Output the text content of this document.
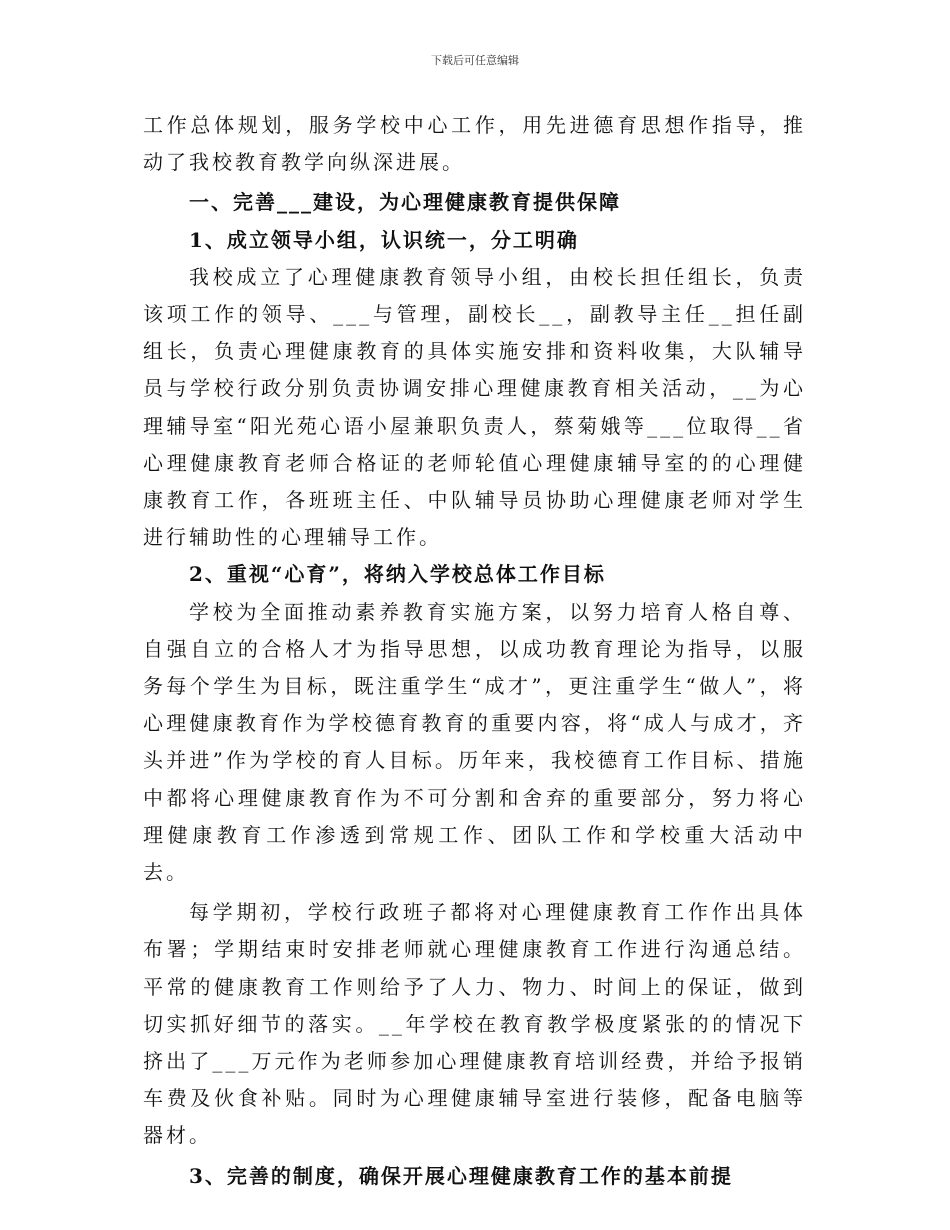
下载后可任意编辑

工作总体规划，服务学校中心工作，用先进德育思想作指导，推动了我校教育教学向纵深进展。

一、完善___建设，为心理健康教育提供保障

1、成立领导小组，认识统一，分工明确

我校成立了心理健康教育领导小组，由校长担任组长，负责该项工作的领导、___与管理，副校长__，副教导主任__担任副组长，负责心理健康教育的具体实施安排和资料收集，大队辅导员与学校行政分别负责协调安排心理健康教育相关活动，__为心理辅导室“阳光苑心语小屋兼职负责人，蔡菊娥等___位取得__省心理健康教育老师合格证的老师轮值心理健康辅导室的的心理健康教育工作，各班班主任、中队辅导员协助心理健康老师对学生进行辅助性的心理辅导工作。

2、重视“心育”，将纳入学校总体工作目标

学校为全面推动素养教育实施方案，以努力培育人格自尊、自强自立的合格人才为指导思想，以成功教育理论为指导，以服务每个学生为目标，既注重学生“成才”，更注重学生“做人”，将心理健康教育作为学校德育教育的重要内容，将“成人与成才，齐头并进”作为学校的育人目标。历年来，我校德育工作目标、措施中都将心理健康教育作为不可分割和舍弃的重要部分，努力将心理健康教育工作渗透到常规工作、团队工作和学校重大活动中去。

每学期初，学校行政班子都将对心理健康教育工作作出具体布署；学期结束时安排老师就心理健康教育工作进行沟通总结。平常的健康教育工作则给予了人力、物力、时间上的保证，做到切实抓好细节的落实。__年学校在教育教学极度紧张的的情况下挤出了___万元作为老师参加心理健康教育培训经费，并给予报销车费及伙食补贴。同时为心理健康辅导室进行装修，配备电脑等器材。

3、完善的制度，确保开展心理健康教育工作的基本前提
